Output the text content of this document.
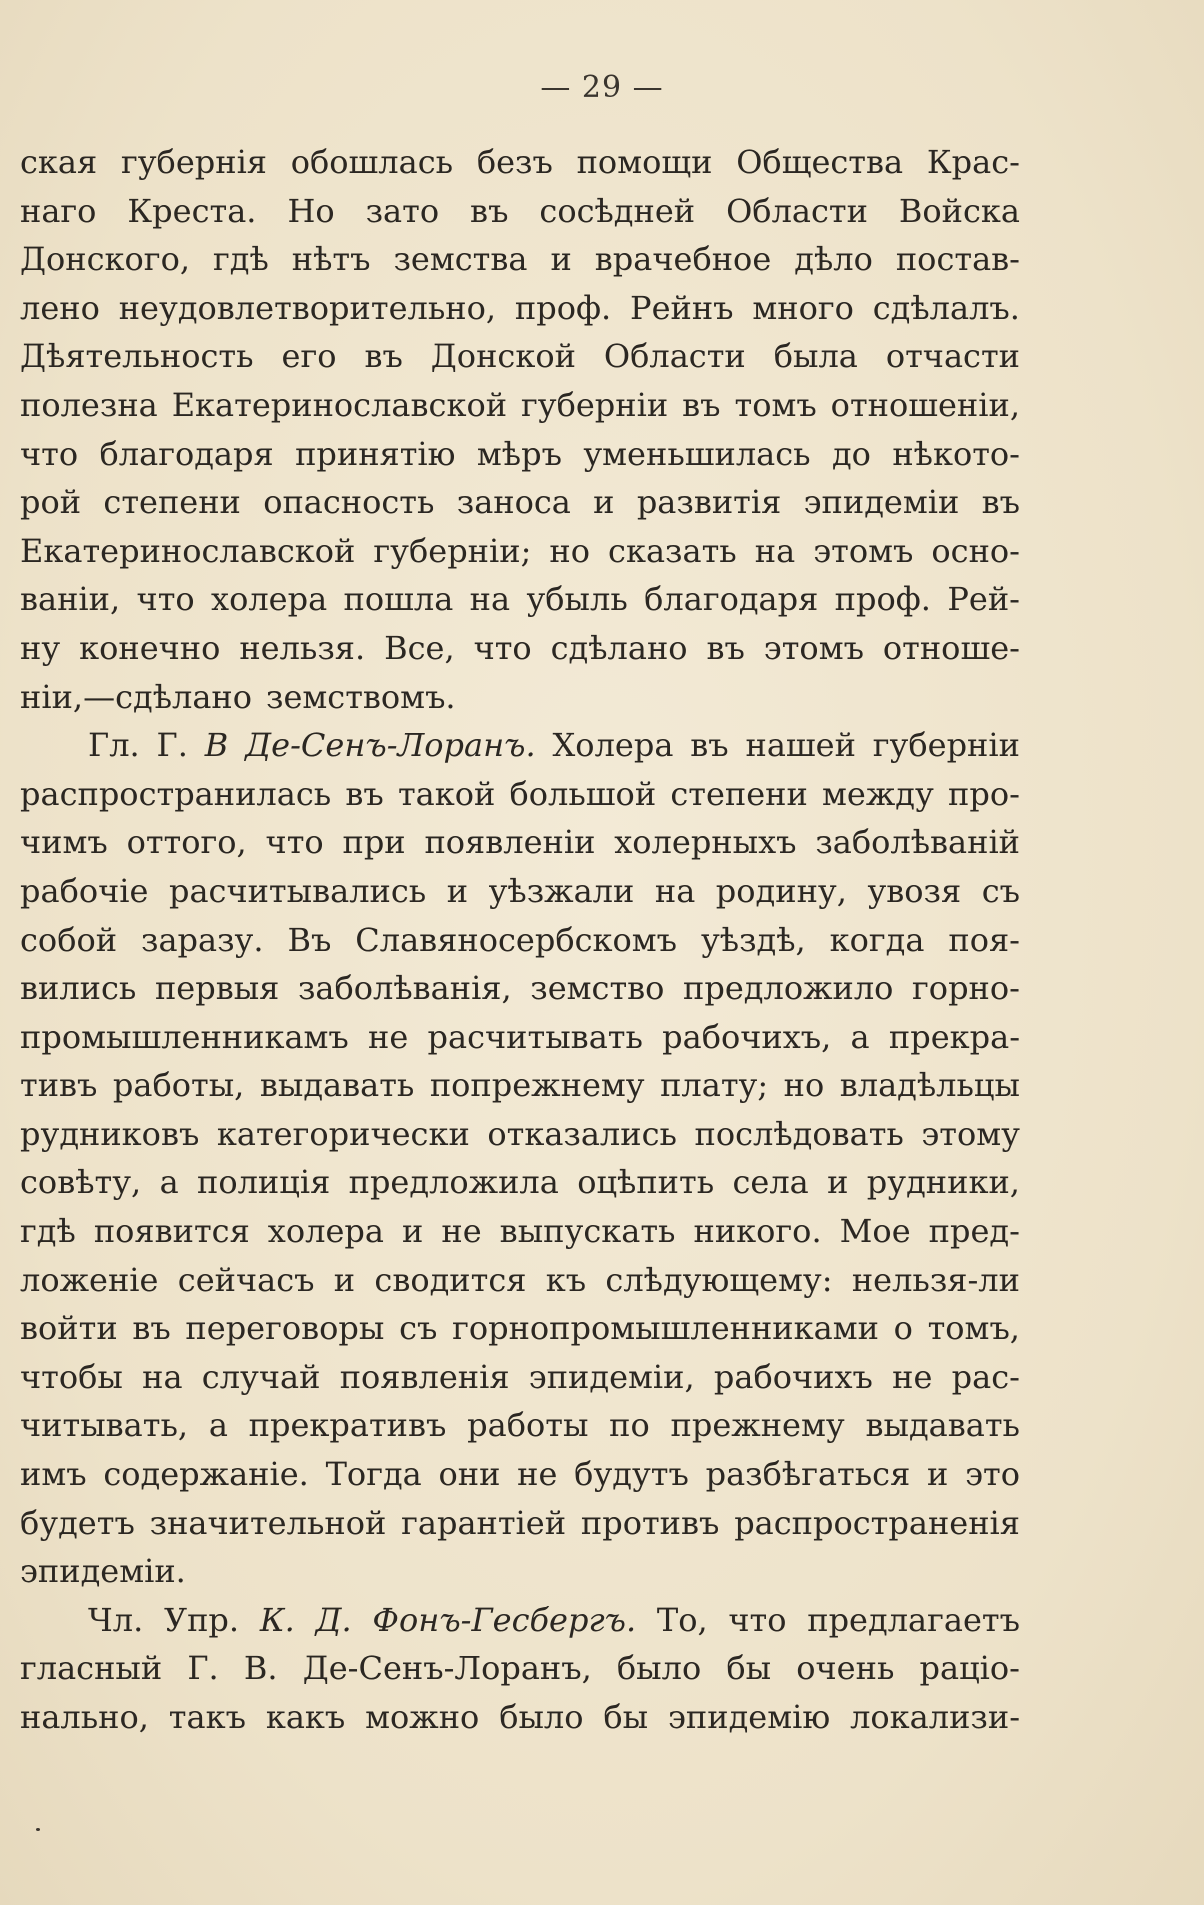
— 29 —
ская губернія обошлась безъ помощи Общества Крас-
наго Креста. Но зато въ сосѣдней Области Войска
Донского, гдѣ нѣтъ земства и врачебное дѣло постав-
лено неудовлетворительно, проф. Рейнъ много сдѣлалъ.
Дѣятельность его въ Донской Области была отчасти
полезна Екатеринославской губерніи въ томъ отношеніи,
что благодаря принятію мѣръ уменьшилась до нѣкото-
рой степени опасность заноса и развитія эпидеміи въ
Екатеринославской губерніи; но сказать на этомъ осно-
ваніи, что холера пошла на убыль благодаря проф. Рей-
ну конечно нельзя. Все, что сдѣлано въ этомъ отноше-
ніи,—сдѣлано земствомъ.
Гл. Г. В Де-Сенъ-Лоранъ. Холера въ нашей губерніи
распространилась въ такой большой степени между про-
чимъ оттого, что при появленіи холерныхъ заболѣваній
рабочіе расчитывались и уѣзжали на родину, увозя съ
собой заразу. Въ Славяносербскомъ уѣздѣ, когда поя-
вились первыя заболѣванія, земство предложило горно-
промышленникамъ не расчитывать рабочихъ, а прекра-
тивъ работы, выдавать попрежнему плату; но владѣльцы
рудниковъ категорически отказались послѣдовать этому
совѣту, а полиція предложила оцѣпить села и рудники,
гдѣ появится холера и не выпускать никого. Мое пред-
ложеніе сейчасъ и сводится къ слѣдующему: нельзя-ли
войти въ переговоры съ горнопромышленниками о томъ,
чтобы на случай появленія эпидеміи, рабочихъ не рас-
читывать, а прекративъ работы по прежнему выдавать
имъ содержаніе. Тогда они не будутъ разбѣгаться и это
будетъ значительной гарантіей противъ распространенія
эпидеміи.
Чл. Упр. К. Д. Фонъ-Гесбергъ. То, что предлагаетъ
гласный Г. В. Де-Сенъ-Лоранъ, было бы очень раціо-
нально, такъ какъ можно было бы эпидемію локализи-
